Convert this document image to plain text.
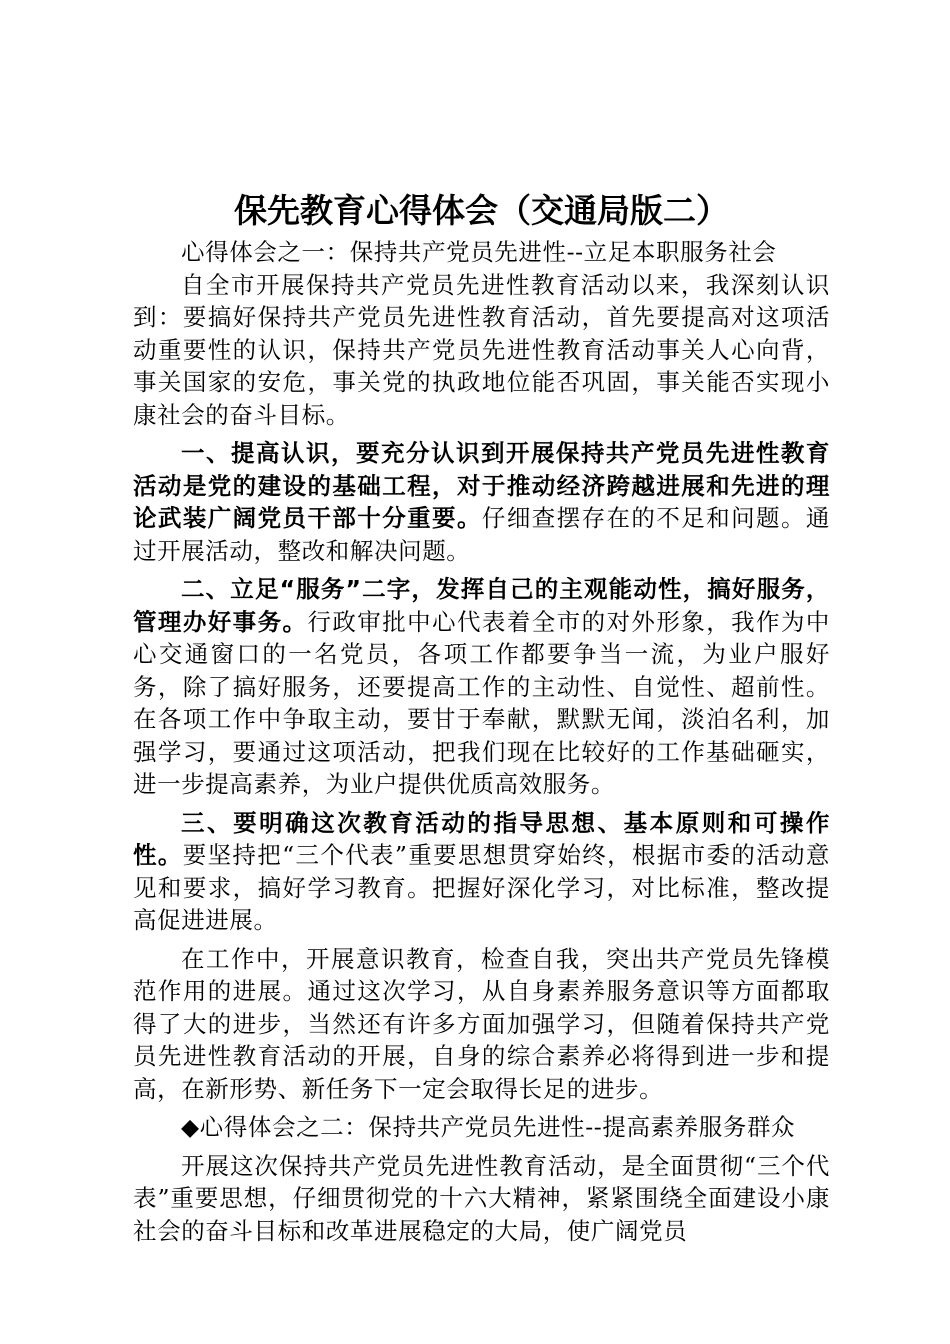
保先教育心得体会（交通局版二）

心得体会之一：保持共产党员先进性--立足本职服务社会

自全市开展保持共产党员先进性教育活动以来，我深刻认识到：要搞好保持共产党员先进性教育活动，首先要提高对这项活动重要性的认识，保持共产党员先进性教育活动事关人心向背，事关国家的安危，事关党的执政地位能否巩固，事关能否实现小康社会的奋斗目标。

一、提高认识，要充分认识到开展保持共产党员先进性教育活动是党的建设的基础工程，对于推动经济跨越进展和先进的理论武装广阔党员干部十分重要。仔细查摆存在的不足和问题。通过开展活动，整改和解决问题。

二、立足“服务”二字，发挥自己的主观能动性，搞好服务，管理办好事务。行政审批中心代表着全市的对外形象，我作为中心交通窗口的一名党员，各项工作都要争当一流，为业户服好务，除了搞好服务，还要提高工作的主动性、自觉性、超前性。在各项工作中争取主动，要甘于奉献，默默无闻，淡泊名利，加强学习，要通过这项活动，把我们现在比较好的工作基础砸实，进一步提高素养，为业户提供优质高效服务。

三、要明确这次教育活动的指导思想、基本原则和可操作性。要坚持把“三个代表”重要思想贯穿始终，根据市委的活动意见和要求，搞好学习教育。把握好深化学习，对比标准，整改提高促进进展。

在工作中，开展意识教育，检查自我，突出共产党员先锋模范作用的进展。通过这次学习，从自身素养服务意识等方面都取得了大的进步，当然还有许多方面加强学习，但随着保持共产党员先进性教育活动的开展，自身的综合素养必将得到进一步和提高，在新形势、新任务下一定会取得长足的进步。

◆心得体会之二：保持共产党员先进性--提高素养服务群众

开展这次保持共产党员先进性教育活动，是全面贯彻“三个代表”重要思想，仔细贯彻党的十六大精神，紧紧围绕全面建设小康社会的奋斗目标和改革进展稳定的大局，使广阔党员
